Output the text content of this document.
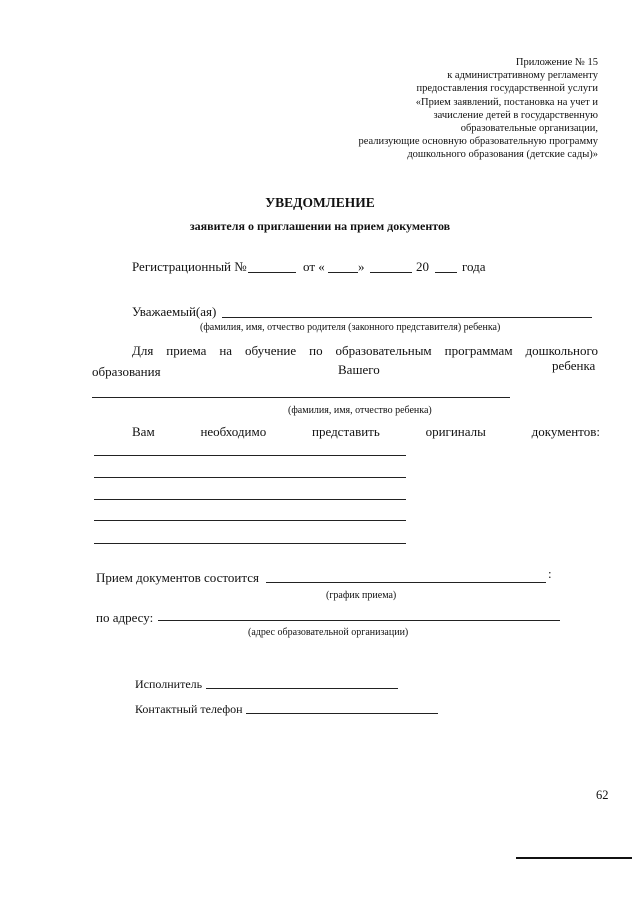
Приложение № 15
к административному регламенту
предоставления государственной услуги
«Прием заявлений, постановка на учет и
зачисление детей в государственную
образовательные организации,
реализующие основную образовательную программу
дошкольного образования (детские сады)»
УВЕДОМЛЕНИЕ
заявителя о приглашении на прием документов
Регистрационный №	от «	»	20	года
Уважаемый(ая)
(фамилия, имя, отчество родителя (законного представителя) ребенка)
Для приема на обучение по образовательным программам дошкольного
образования	Вашего	ребенка
(фамилия, имя, отчество ребенка)
Вам	необходимо	представить	оригиналы	документов:
Прием документов состоится	:
(график приема)
по адресу:
(адрес образовательной организации)
Исполнитель
Контактный телефон
62
